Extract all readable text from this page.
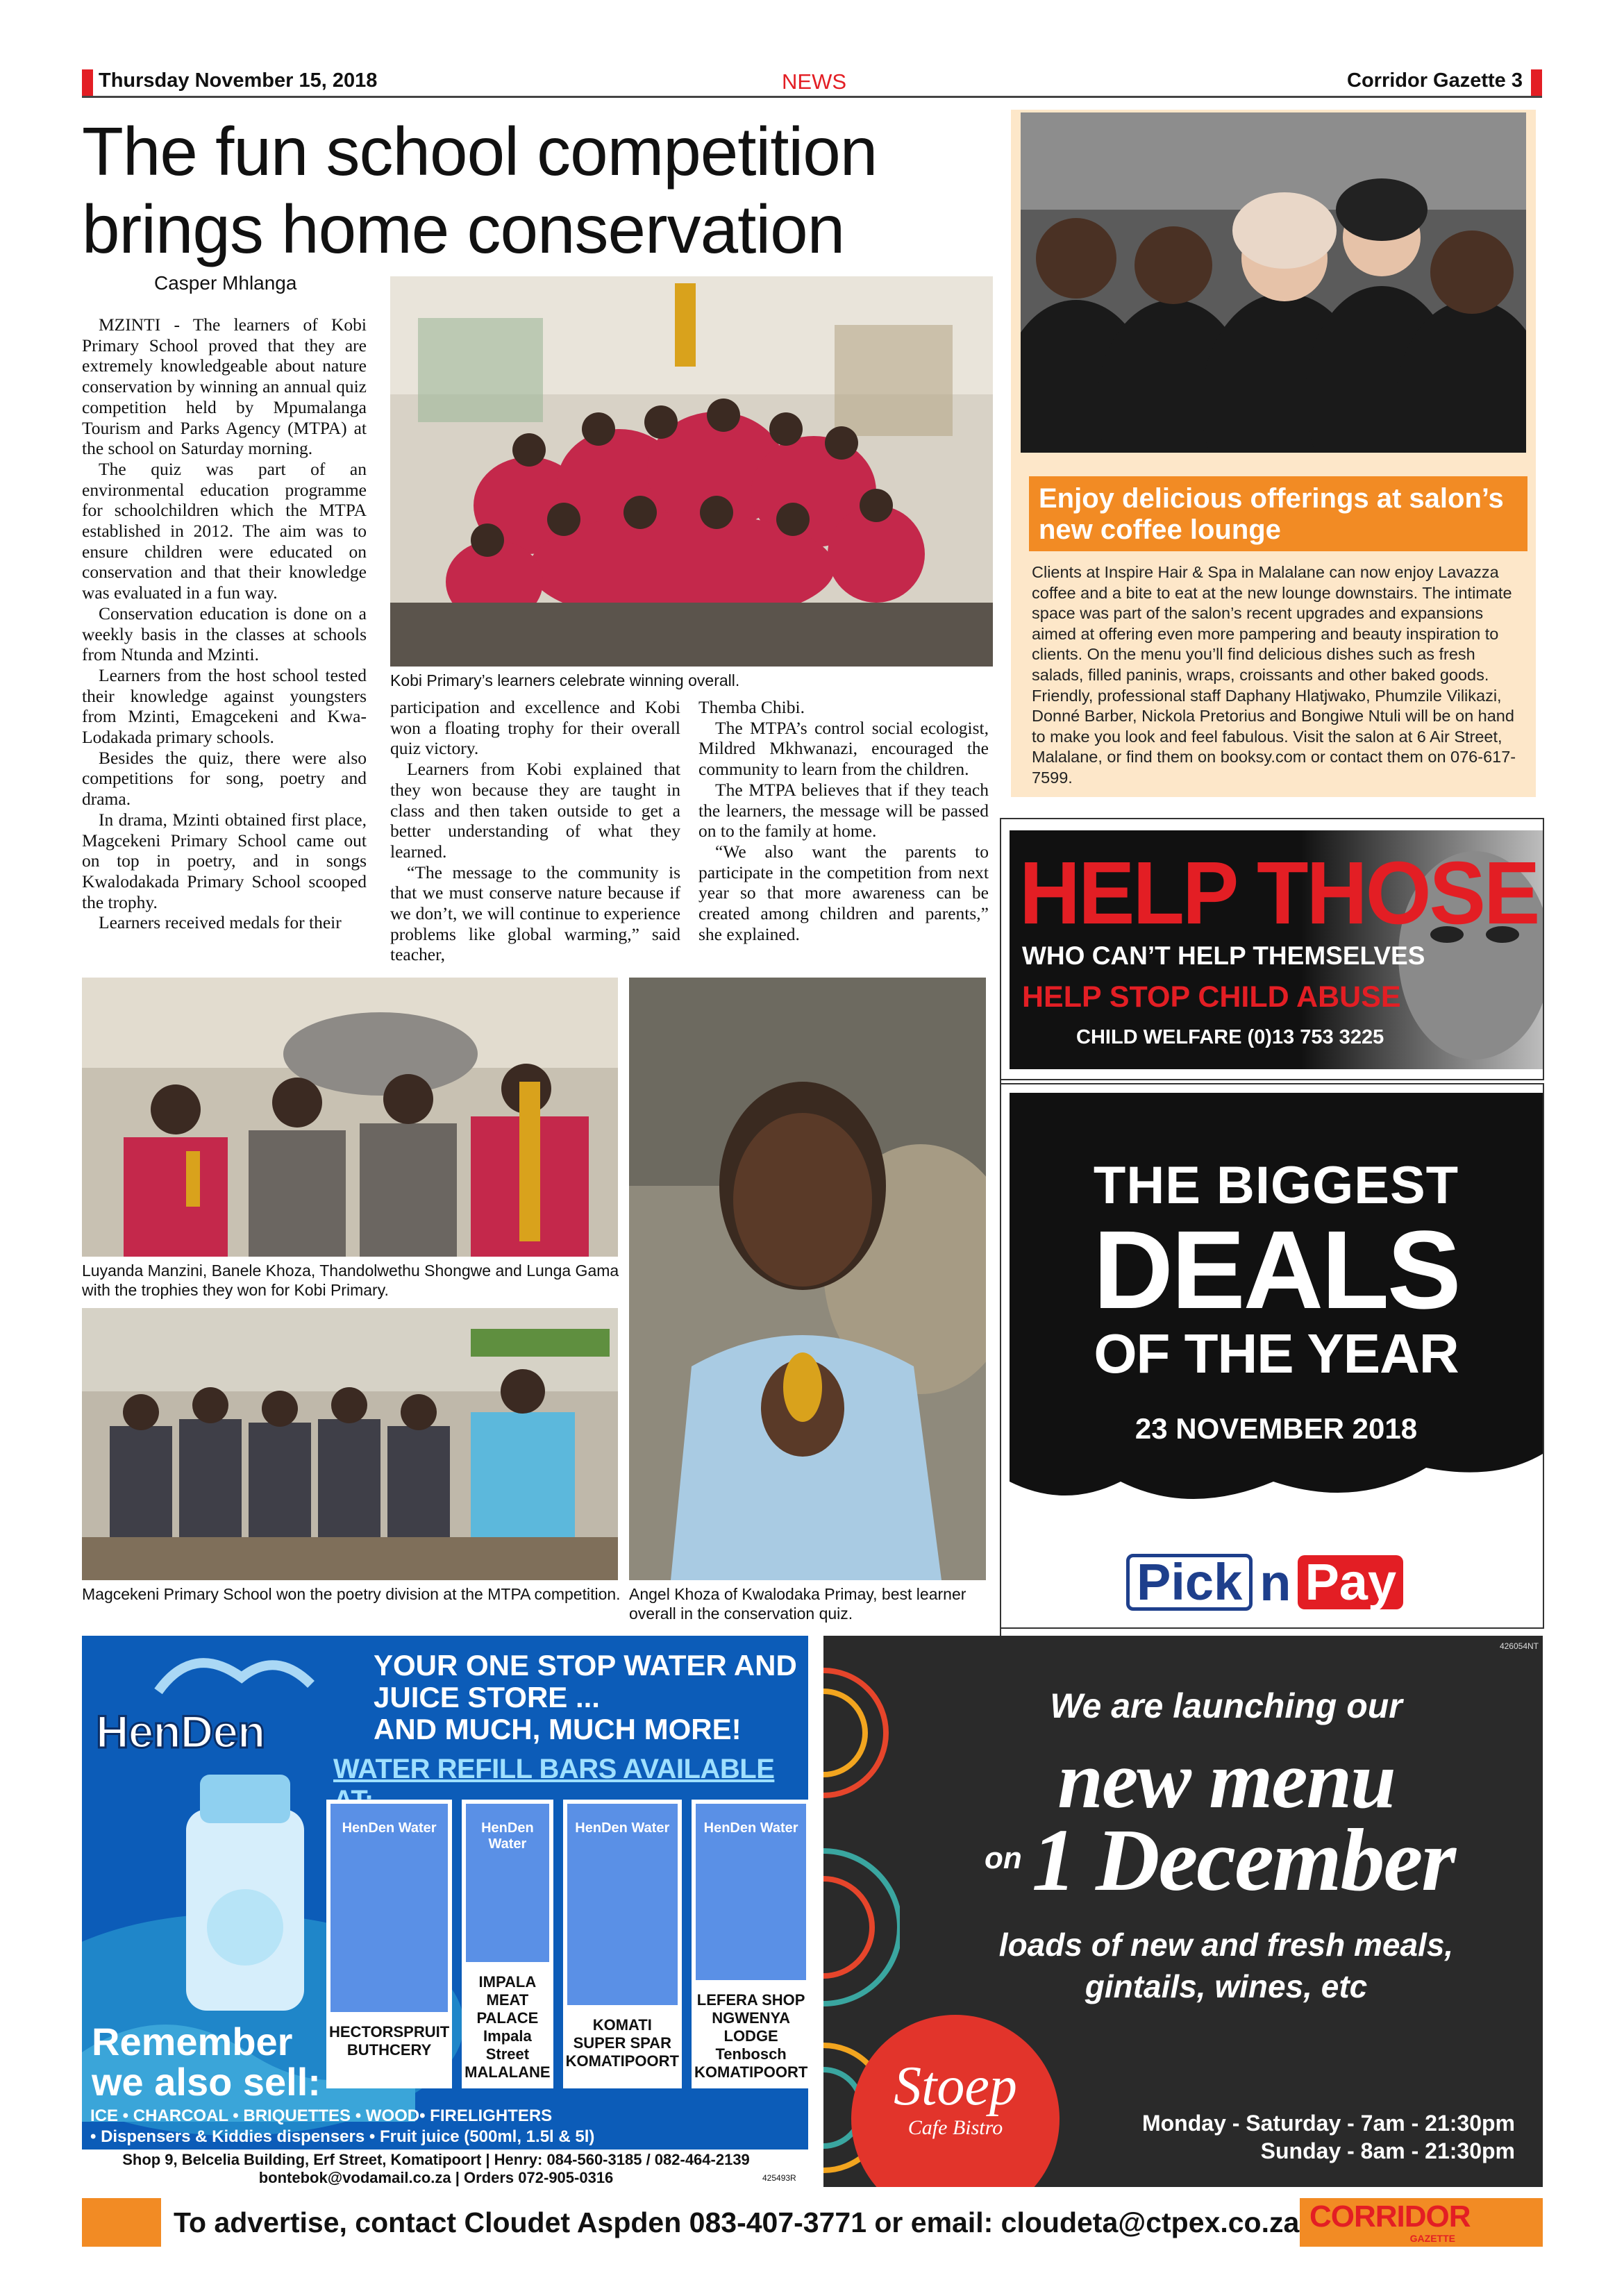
Thursday November 15, 2018	NEWS	Corridor Gazette 3
The fun school competition brings home conservation
Casper Mhlanga

MZINTI - The learners of Kobi Primary School proved that they are extremely knowledgeable about nature conservation by winning an annual quiz competition held by Mpumalanga Tourism and Parks Agency (MTPA) at the school on Saturday morning.

The quiz was part of an environmental education programme for schoolchildren which the MTPA established in 2012. The aim was to ensure children were educated on conservation and that their knowledge was evaluated in a fun way.

Conservation education is done on a weekly basis in the classes at schools from Ntunda and Mzinti.

Learners from the host school tested their knowledge against youngsters from Mzinti, Emagcekeni and Kwa-Lodakada primary schools.

Besides the quiz, there were also competitions for song, poetry and drama.

In drama, Mzinti obtained first place, Magcekeni Primary School came out on top in poetry, and in songs Kwalodakada Primary School scooped the trophy.

Learners received medals for their

Kobi Primary’s learners celebrate winning overall.

participation and excellence and Kobi won a floating trophy for their overall quiz victory.

Learners from Kobi explained that they won because they are taught in class and then taken outside to get a better understanding of what they learned.

“The message to the community is that we must conserve nature because if we don’t, we will continue to experience problems like global warming,” said teacher,

Themba Chibi.

The MTPA’s control social ecologist, Mildred Mkhwanazi, encouraged the community to learn from the children.

The MTPA believes that if they teach the learners, the message will be passed on to the family at home.

“We also want the parents to participate in the competition from next year so that more awareness can be created among children and parents,” she explained.

Luyanda Manzini, Banele Khoza, Thandolwethu Shongwe and Lunga Gama with the trophies they won for Kobi Primary.
Magcekeni Primary School won the poetry division at the MTPA competition. Angel Khoza of Kwalodaka Primay, best learner overall in the conservation quiz.
Enjoy delicious offerings at salon’s new coffee lounge
Clients at Inspire Hair & Spa in Malalane can now enjoy Lavazza coffee and a bite to eat at the new lounge downstairs. The intimate space was part of the salon’s recent upgrades and expansions aimed at offering even more pampering and beauty inspiration to clients. On the menu you’ll find delicious dishes such as fresh salads, filled paninis, wraps, croissants and other baked goods. Friendly, professional staff Daphany Hlatjwako, Phumzile Vilikazi, Donné Barber, Nickola Pretorius and Bongiwe Ntuli will be on hand to make you look and feel fabulous. Visit the salon at 6 Air Street, Malalane, or find them on booksy.com or contact them on 076-617-7599.
HELP THOSE
WHO CAN’T HELP THEMSELVES
HELP STOP CHILD ABUSE
CHILD WELFARE (0)13 753 3225
THE BIGGEST
DEALS
OF THE YEAR
23 NOVEMBER 2018
Pick n Pay
HenDen
YOUR ONE STOP WATER AND
JUICE STORE ...
AND MUCH, MUCH MORE!
WATER REFILL BARS AVAILABLE
HenDen Water
HECTORSPRUIT BUTHCERY
HenDen Water
IMPALA MEAT PALACE Impala Street MALALANE
HenDen Water
KOMATI SUPER SPAR KOMATIPOORT
HenDen Water
LEFERA SHOP NGWENYA LODGE Tenbosch KOMATIPOORT
Remember
we also sell:
ICE • CHARCOAL • BRIQUETTES • WOOD• FIRELIGHTERS
• Dispensers & Kiddies dispensers • Fruit juice (500ml, 1.5l & 5l)
Shop 9, Belcelia Building, Erf Street, Komatipoort | Henry: 084-560-3185 / 082-464-2139
bontebok@vodamail.co.za | Orders 072-905-0316	425493R
426054NT
We are launching our
new menu
on 1 December
loads of new and fresh meals,
gintails, wines, etc
Stoep
Cafe Bistro	Monday - Saturday - 7am - 21:30pm
Sunday - 8am - 21:30pm
To advertise, contact Cloudet Aspden 083-407-3771 or email: cloudeta@ctpex.co.za CORRIDOR
GAZETTE
